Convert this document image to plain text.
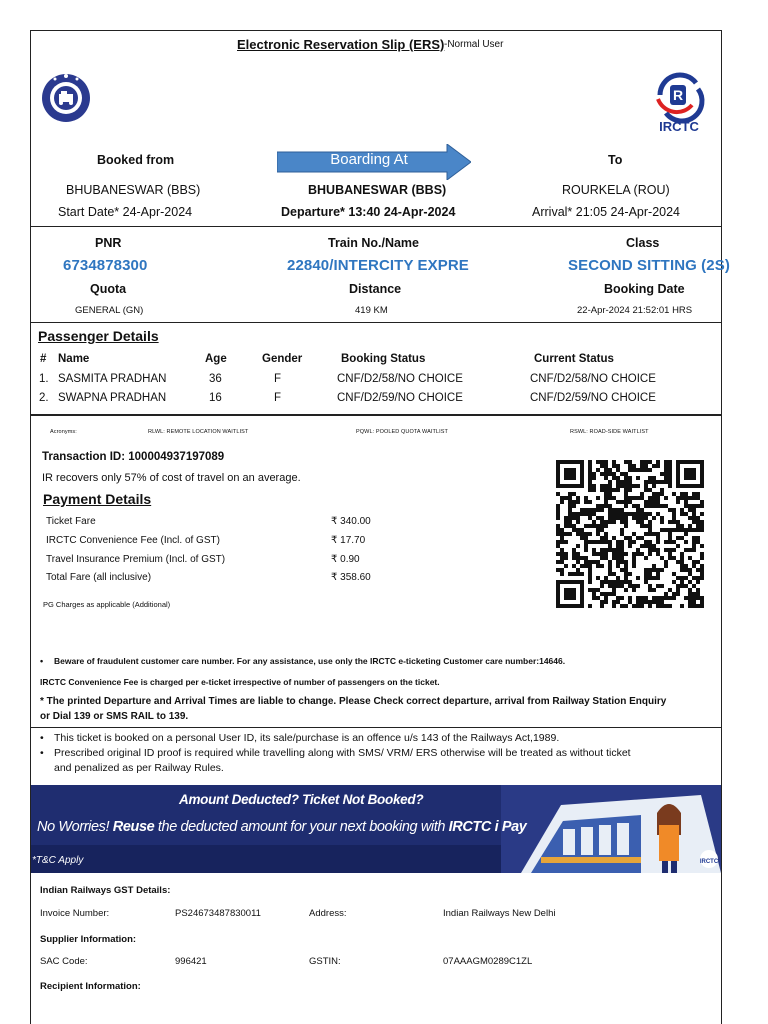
Electronic Reservation Slip (ERS) -Normal User
R
IRCTC
Booked from	Boarding At	To
BHUBANESWAR (BBS)	BHUBANESWAR (BBS)	ROURKELA (ROU)
Start Date* 24-Apr-2024	Departure* 13:40 24-Apr-2024	Arrival* 21:05 24-Apr-2024
PNR	Train No./Name	Class
6734878300	22840/INTERCITY EXPRE	SECOND SITTING (2S)
Quota	Distance	Booking Date
GENERAL (GN)	419 KM	22-Apr-2024 21:52:01 HRS
Passenger Details
# Name	Age	Gender	Booking Status	Current Status
1. SASMITA PRADHAN	36	F	CNF/D2/58/NO CHOICE	CNF/D2/58/NO CHOICE
2. SWAPNA PRADHAN	16	F	CNF/D2/59/NO CHOICE	CNF/D2/59/NO CHOICE
Acronyms:	RLWL: REMOTE LOCATION WAITLIST	PQWL: POOLED QUOTA WAITLIST	RSWL: ROAD-SIDE WAITLIST
Transaction ID: 100004937197089
IR recovers only 57% of cost of travel on an average.
Payment Details
Ticket Fare	₹ 340.00
IRCTC Convenience Fee (Incl. of GST)	₹ 17.70
Travel Insurance Premium (Incl. of GST)	₹ 0.90
Total Fare (all inclusive)	₹ 358.60
PG Charges as applicable (Additional)
• Beware of fraudulent customer care number. For any assistance, use only the IRCTC e-ticketing Customer care number:14646.
IRCTC Convenience Fee is charged per e-ticket irrespective of number of passengers on the ticket.
* The printed Departure and Arrival Times are liable to change. Please Check correct departure, arrival from Railway Station Enquiry
or Dial 139 or SMS RAIL to 139.
• This ticket is booked on a personal User ID, its sale/purchase is an offence u/s 143 of the Railways Act,1989.
• Prescribed original ID proof is required while travelling along with SMS/ VRM/ ERS otherwise will be treated as without ticket
and penalized as per Railway Rules.
IRCTC
Amount Deducted? Ticket Not Booked?
No Worries! Reuse the deducted amount for your next booking with IRCTC i Pay
*T&C Apply
Indian Railways GST Details:
Invoice Number:	PS24673487830011	Address:	Indian Railways New Delhi
Supplier Information:
SAC Code:	996421	GSTIN:	07AAAGM0289C1ZL
Recipient Information:
